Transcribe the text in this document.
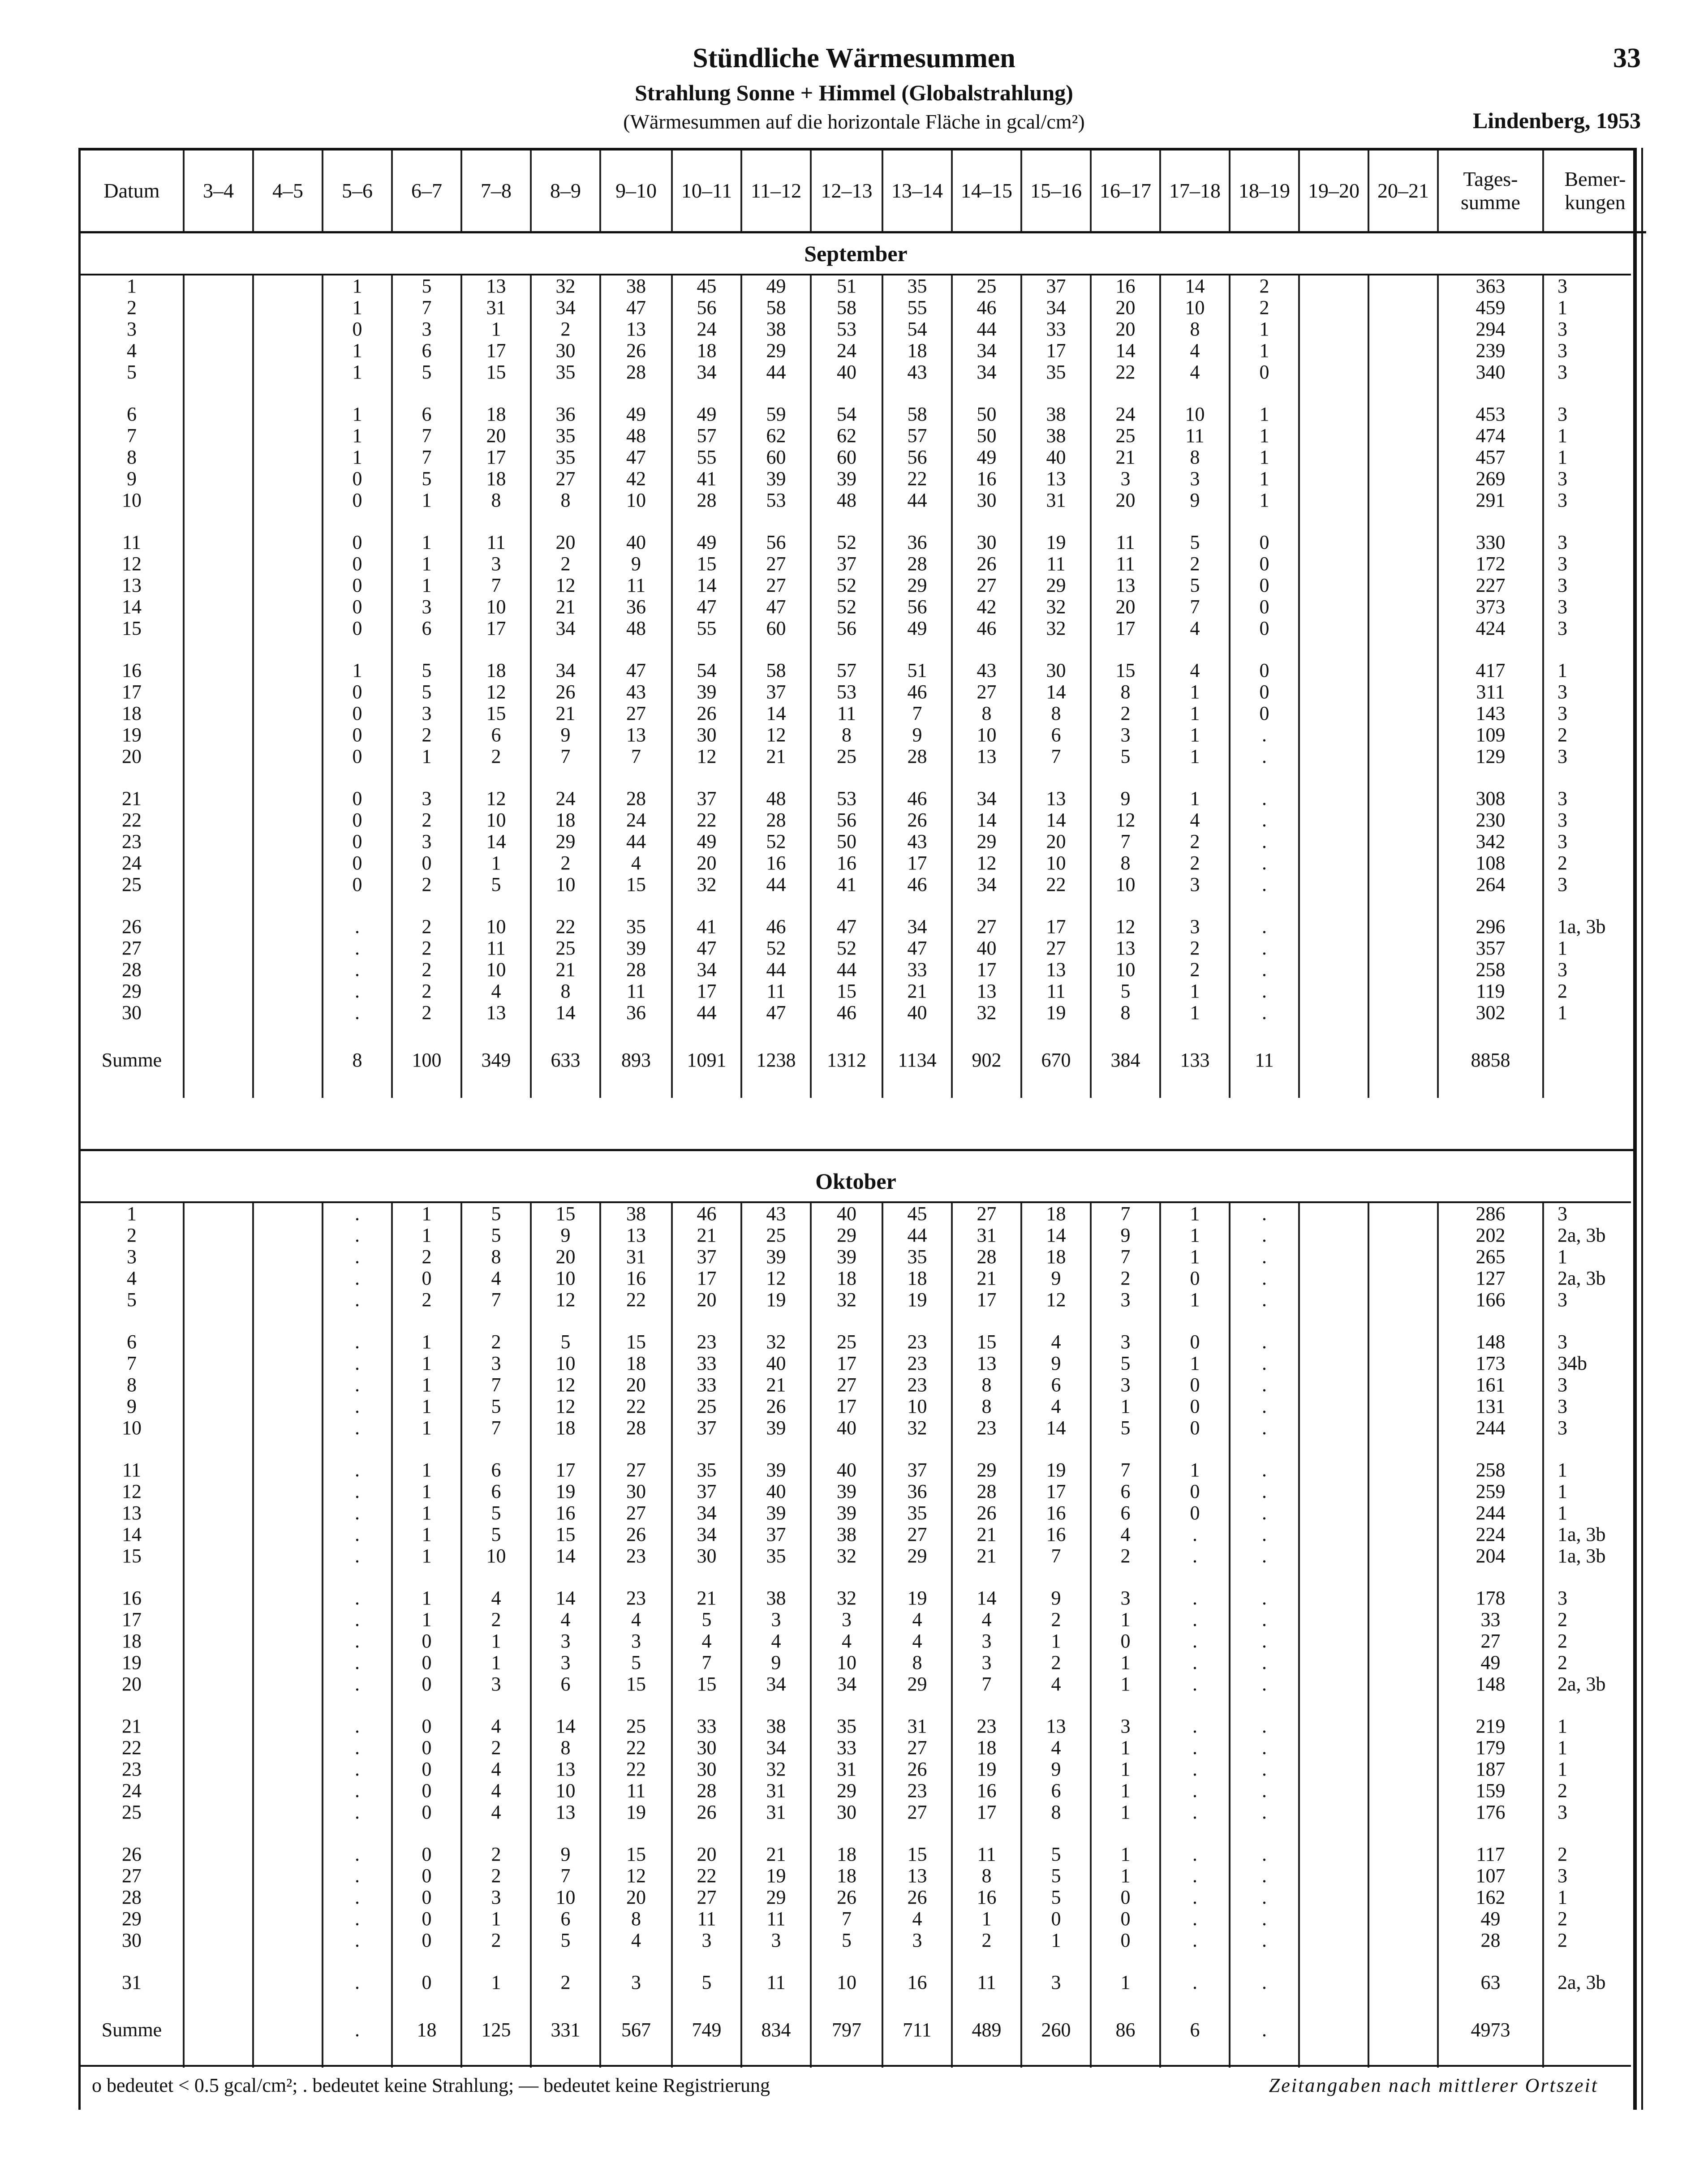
Stündliche Wärmesummen
Strahlung Sonne + Himmel (Globalstrahlung)
(Wärmesummen auf die horizontale Fläche in gcal/cm²)
33
Lindenberg, 1953
Datum	3–4	4–5	5–6	6–7	7–8	8–9	9–10	10–11	11–12	12–13	13–14	14–15	15–16	16–17	17–18	18–19	19–20	20–21	Tages-
summe	Bemer-
kungen
September
1			1	5	13	32	38	45	49	51	35	25	37	16	14	2			363	3
2			1	7	31	34	47	56	58	58	55	46	34	20	10	2			459	1
3			0	3	1	2	13	24	38	53	54	44	33	20	8	1			294	3
4			1	6	17	30	26	18	29	24	18	34	17	14	4	1			239	3
5			1	5	15	35	28	34	44	40	43	34	35	22	4	0			340	3

6			1	6	18	36	49	49	59	54	58	50	38	24	10	1			453	3
7			1	7	20	35	48	57	62	62	57	50	38	25	11	1			474	1
8			1	7	17	35	47	55	60	60	56	49	40	21	8	1			457	1
9			0	5	18	27	42	41	39	39	22	16	13	3	3	1			269	3
10			0	1	8	8	10	28	53	48	44	30	31	20	9	1			291	3

11			0	1	11	20	40	49	56	52	36	30	19	11	5	0			330	3
12			0	1	3	2	9	15	27	37	28	26	11	11	2	0			172	3
13			0	1	7	12	11	14	27	52	29	27	29	13	5	0			227	3
14			0	3	10	21	36	47	47	52	56	42	32	20	7	0			373	3
15			0	6	17	34	48	55	60	56	49	46	32	17	4	0			424	3

16			1	5	18	34	47	54	58	57	51	43	30	15	4	0			417	1
17			0	5	12	26	43	39	37	53	46	27	14	8	1	0			311	3
18			0	3	15	21	27	26	14	11	7	8	8	2	1	0			143	3
19			0	2	6	9	13	30	12	8	9	10	6	3	1	.			109	2
20			0	1	2	7	7	12	21	25	28	13	7	5	1	.			129	3

21			0	3	12	24	28	37	48	53	46	34	13	9	1	.			308	3
22			0	2	10	18	24	22	28	56	26	14	14	12	4	.			230	3
23			0	3	14	29	44	49	52	50	43	29	20	7	2	.			342	3
24			0	0	1	2	4	20	16	16	17	12	10	8	2	.			108	2
25			0	2	5	10	15	32	44	41	46	34	22	10	3	.			264	3

26			.	2	10	22	35	41	46	47	34	27	17	12	3	.			296	1a, 3b
27			.	2	11	25	39	47	52	52	47	40	27	13	2	.			357	1
28			.	2	10	21	28	34	44	44	33	17	13	10	2	.			258	3
29			.	2	4	8	11	17	11	15	21	13	11	5	1	.			119	2
30			.	2	13	14	36	44	47	46	40	32	19	8	1	.			302	1

Summe			8	100	349	633	893	1091	1238	1312	1134	902	670	384	133	11			8858	

Oktober
1			.	1	5	15	38	46	43	40	45	27	18	7	1	.			286	3
2			.	1	5	9	13	21	25	29	44	31	14	9	1	.			202	2a, 3b
3			.	2	8	20	31	37	39	39	35	28	18	7	1	.			265	1
4			.	0	4	10	16	17	12	18	18	21	9	2	0	.			127	2a, 3b
5			.	2	7	12	22	20	19	32	19	17	12	3	1	.			166	3

6			.	1	2	5	15	23	32	25	23	15	4	3	0	.			148	3
7			.	1	3	10	18	33	40	17	23	13	9	5	1	.			173	34b
8			.	1	7	12	20	33	21	27	23	8	6	3	0	.			161	3
9			.	1	5	12	22	25	26	17	10	8	4	1	0	.			131	3
10			.	1	7	18	28	37	39	40	32	23	14	5	0	.			244	3

11			.	1	6	17	27	35	39	40	37	29	19	7	1	.			258	1
12			.	1	6	19	30	37	40	39	36	28	17	6	0	.			259	1
13			.	1	5	16	27	34	39	39	35	26	16	6	0	.			244	1
14			.	1	5	15	26	34	37	38	27	21	16	4	.	.			224	1a, 3b
15			.	1	10	14	23	30	35	32	29	21	7	2	.	.			204	1a, 3b

16			.	1	4	14	23	21	38	32	19	14	9	3	.	.			178	3
17			.	1	2	4	4	5	3	3	4	4	2	1	.	.			33	2
18			.	0	1	3	3	4	4	4	4	3	1	0	.	.			27	2
19			.	0	1	3	5	7	9	10	8	3	2	1	.	.			49	2
20			.	0	3	6	15	15	34	34	29	7	4	1	.	.			148	2a, 3b

21			.	0	4	14	25	33	38	35	31	23	13	3	.	.			219	1
22			.	0	2	8	22	30	34	33	27	18	4	1	.	.			179	1
23			.	0	4	13	22	30	32	31	26	19	9	1	.	.			187	1
24			.	0	4	10	11	28	31	29	23	16	6	1	.	.			159	2
25			.	0	4	13	19	26	31	30	27	17	8	1	.	.			176	3

26			.	0	2	9	15	20	21	18	15	11	5	1	.	.			117	2
27			.	0	2	7	12	22	19	18	13	8	5	1	.	.			107	3
28			.	0	3	10	20	27	29	26	26	16	5	0	.	.			162	1
29			.	0	1	6	8	11	11	7	4	1	0	0	.	.			49	2
30			.	0	2	5	4	3	3	5	3	2	1	0	.	.			28	2

31			.	0	1	2	3	5	11	10	16	11	3	1	.	.			63	2a, 3b

Summe			.	18	125	331	567	749	834	797	711	489	260	86	6	.			4973	

o bedeutet < 0.5 gcal/cm²; . bedeutet keine Strahlung; — bedeutet keine Registrierung	Zeitangaben nach mittlerer Ortszeit
